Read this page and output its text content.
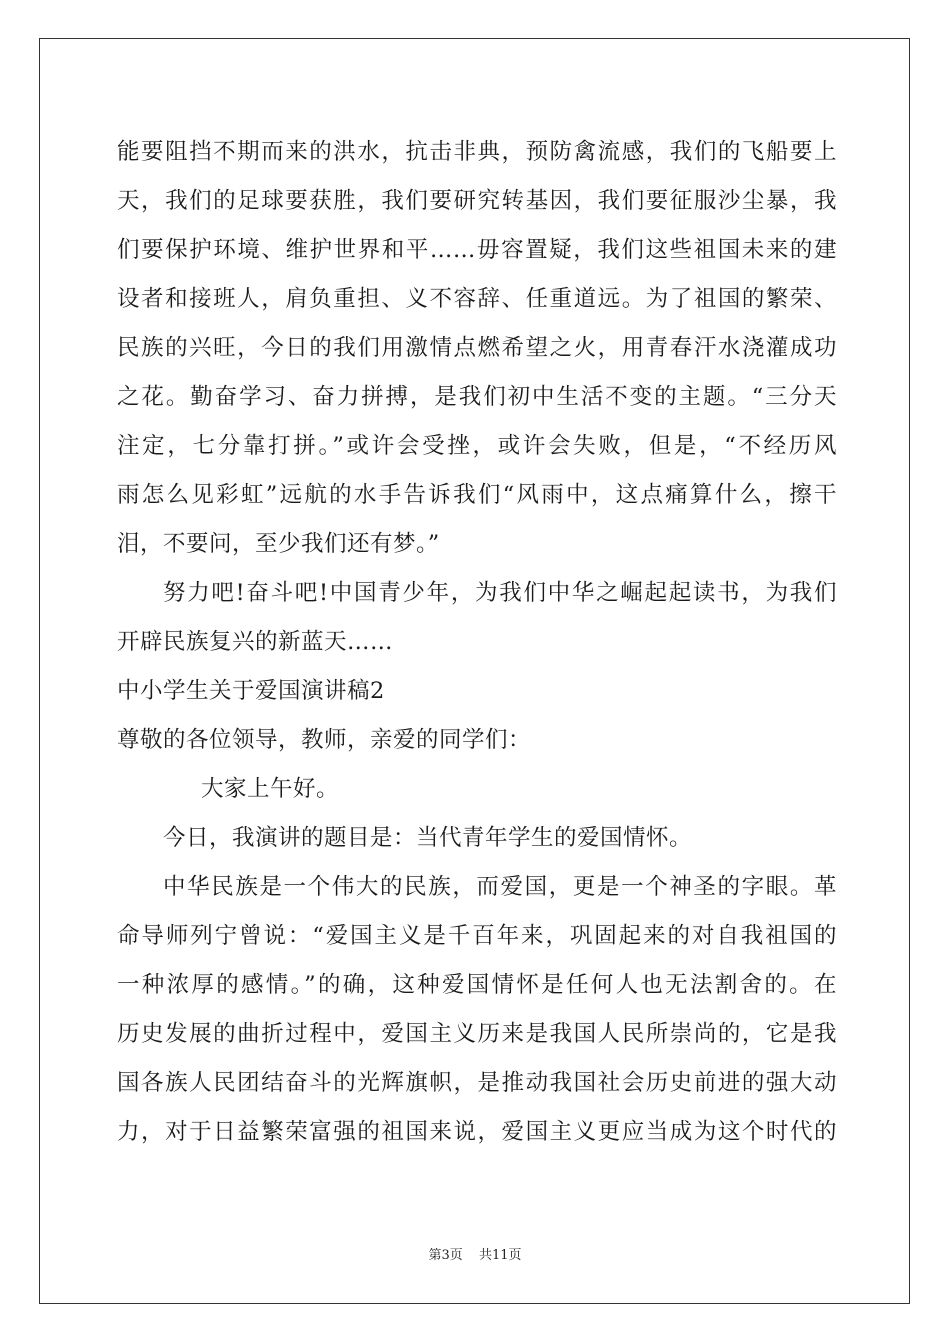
能要阻挡不期而来的洪水，抗击非典，预防禽流感，我们的飞船要上
天，我们的足球要获胜，我们要研究转基因，我们要征服沙尘暴，我
们要保护环境、维护世界和平……毋容置疑，我们这些祖国未来的建
设者和接班人，肩负重担、义不容辞、任重道远。为了祖国的繁荣、
民族的兴旺，今日的我们用激情点燃希望之火，用青春汗水浇灌成功
之花。勤奋学习、奋力拼搏，是我们初中生活不变的主题。“三分天
注定，七分靠打拼。”或许会受挫，或许会失败，但是，“不经历风
雨怎么见彩虹”远航的水手告诉我们“风雨中，这点痛算什么，擦干
泪，不要问，至少我们还有梦。”
努力吧!奋斗吧!中国青少年，为我们中华之崛起起读书，为我们
开辟民族复兴的新蓝天……
中小学生关于爱国演讲稿2
尊敬的各位领导，教师，亲爱的同学们：
大家上午好。
今日，我演讲的题目是：当代青年学生的爱国情怀。
中华民族是一个伟大的民族，而爱国，更是一个神圣的字眼。革
命导师列宁曾说：“爱国主义是千百年来，巩固起来的对自我祖国的
一种浓厚的感情。”的确，这种爱国情怀是任何人也无法割舍的。在
历史发展的曲折过程中，爱国主义历来是我国人民所崇尚的，它是我
国各族人民团结奋斗的光辉旗帜，是推动我国社会历史前进的强大动
力，对于日益繁荣富强的祖国来说，爱国主义更应当成为这个时代的
第3页 共11页
